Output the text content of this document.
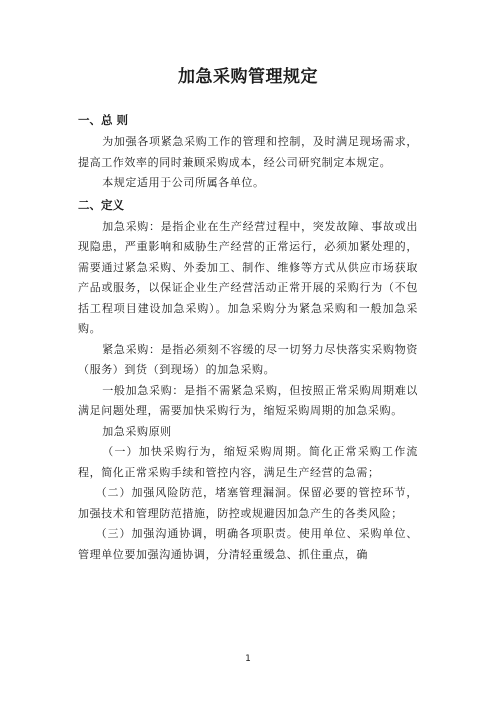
加急采购管理规定

一、总 则

为加强各项紧急采购工作的管理和控制，及时满足现场需求，提高工作效率的同时兼顾采购成本，经公司研究制定本规定。

本规定适用于公司所属各单位。

二、定义

加急采购：是指企业在生产经营过程中，突发故障、事故或出现隐患，严重影响和威胁生产经营的正常运行，必须加紧处理的，需要通过紧急采购、外委加工、制作、维修等方式从供应市场获取产品或服务，以保证企业生产经营活动正常开展的采购行为（不包括工程项目建设加急采购）。加急采购分为紧急采购和一般加急采购。

紧急采购：是指必须刻不容缓的尽一切努力尽快落实采购物资（服务）到货（到现场）的加急采购。

一般加急采购：是指不需紧急采购，但按照正常采购周期难以满足问题处理，需要加快采购行为，缩短采购周期的加急采购。

加急采购原则

（一）加快采购行为，缩短采购周期。简化正常采购工作流程，简化正常采购手续和管控内容，满足生产经营的急需；

（二）加强风险防范，堵塞管理漏洞。保留必要的管控环节，加强技术和管理防范措施，防控或规避因加急产生的各类风险；

（三）加强沟通协调，明确各项职责。使用单位、采购单位、管理单位要加强沟通协调，分清轻重缓急、抓住重点，确

1
